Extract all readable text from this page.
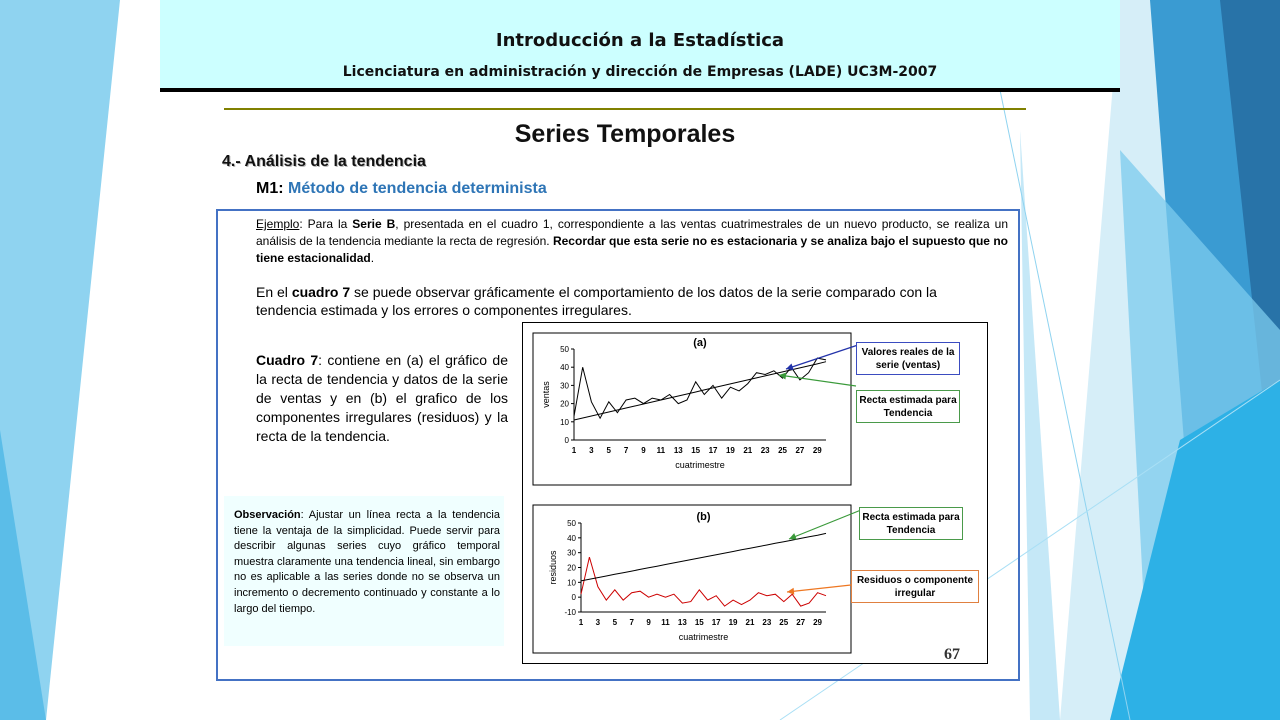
Introducción a la Estadística
Licenciatura en administración y dirección de Empresas (LADE) UC3M-2007
Series Temporales
4.- Análisis de la tendencia
M1: Método de tendencia determinista
Ejemplo: Para la Serie B, presentada en el cuadro 1, correspondiente a las ventas cuatrimestrales de un nuevo producto, se realiza un análisis de la tendencia mediante la recta de regresión. Recordar que esta serie no es estacionaria y se analiza bajo el supuesto que no tiene estacionalidad.
En el cuadro 7 se puede observar gráficamente el comportamiento de los datos de la serie comparado con la tendencia estimada y los errores o componentes irregulares.
Cuadro 7: contiene en (a) el gráfico de la recta de tendencia y datos de la serie de ventas y en (b) el grafico de los componentes irregulares (residuos) y la recta de la tendencia.
Observación: Ajustar un línea recta a la tendencia tiene la ventaja de la simplicidad. Puede servir para describir algunas series cuyo gráfico temporal muestra claramente una tendencia lineal, sin embargo no es aplicable a las series donde no se observa un incremento o decremento continuado y constante a lo largo del tiempo.
(a)
0
10
20
30
40
50
1 3 5 7 9 11 13 15 17 19 21 23 25 27 29
cuatrimestre
ventas
(b)
-10
0
10
20
30
40
50
1 3 5 7 9 11 13 15 17 19 21 23 25 27 29
cuatrimestre
residuos
Valores reales de la serie (ventas)
Recta estimada para Tendencia
Recta estimada para Tendencia
Residuos o componente irregular
67
